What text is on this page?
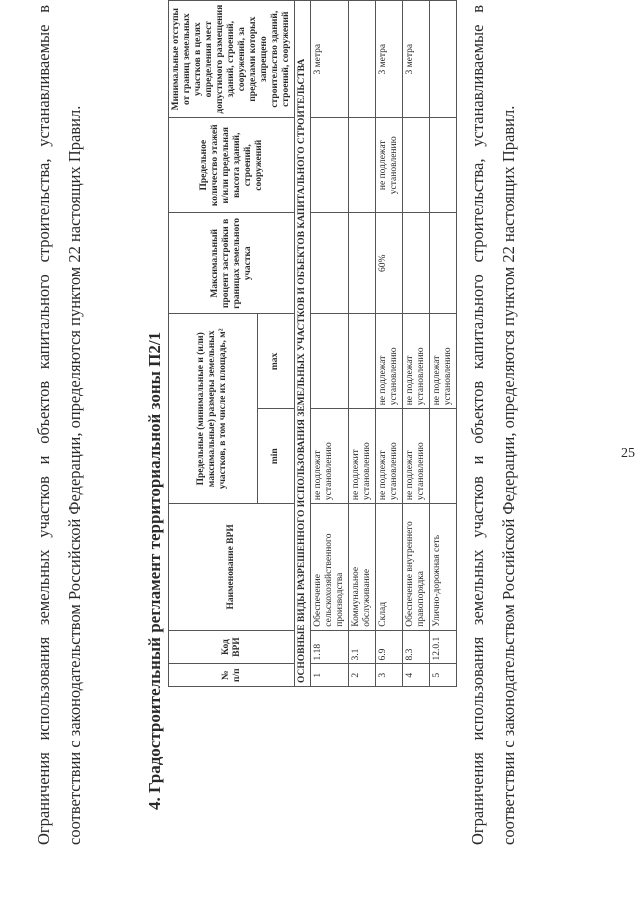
25
Ограничения использования земельных участков и объектов капитального строительства, устанавливаемые в соответствии с законодательством Российской Федерации, определяются пунктом 22 настоящих Правил.	4. Градостроительный регламент территориальной зоны П2/1	№ п/п	Код ВРИ	Наименование ВРИ	Предельные (минимальные и (или) максимальные) размеры земельных участков, в том числе их площадь, м²		Максимальный процент застройки в границах земельного участка	Предельное количество этажей и/или предельная высота зданий, строений, сооружений	Минимальные отступы от границ земельных участков в целях определения мест допустимого размещения зданий, строений, сооружений, за пределами которых запрещено строительство зданий, строений, сооружений
			min	max			
ОСНОВНЫЕ ВИДЫ РАЗРЕШЕННОГО ИСПОЛЬЗОВАНИЯ ЗЕМЕЛЬНЫХ УЧАСТКОВ И ОБЪЕКТОВ КАПИТАЛЬНОГО СТРОИТЕЛЬСТВА							
1	1.18	Обеспечение сельскохозяйственного производства	не подлежат установлению				3 метра
2	3.1	Коммунальное обслуживание	не подлежит установлению				
3	6.9	Склад	не подлежат установлению	не подлежат установлению	60%	не подлежат установлению	3 метра
4	8.3	Обеспечение внутреннего правопорядка	не подлежат установлению	не подлежат установлению			3 метра
5	12.0.1	Улично-дорожная сеть		не подлежат установлению			Ограничения использования земельных участков и объектов капитального строительства, устанавливаемые в соответствии с законодательством Российской Федерации, определяются пунктом 22 настоящих Правил.
